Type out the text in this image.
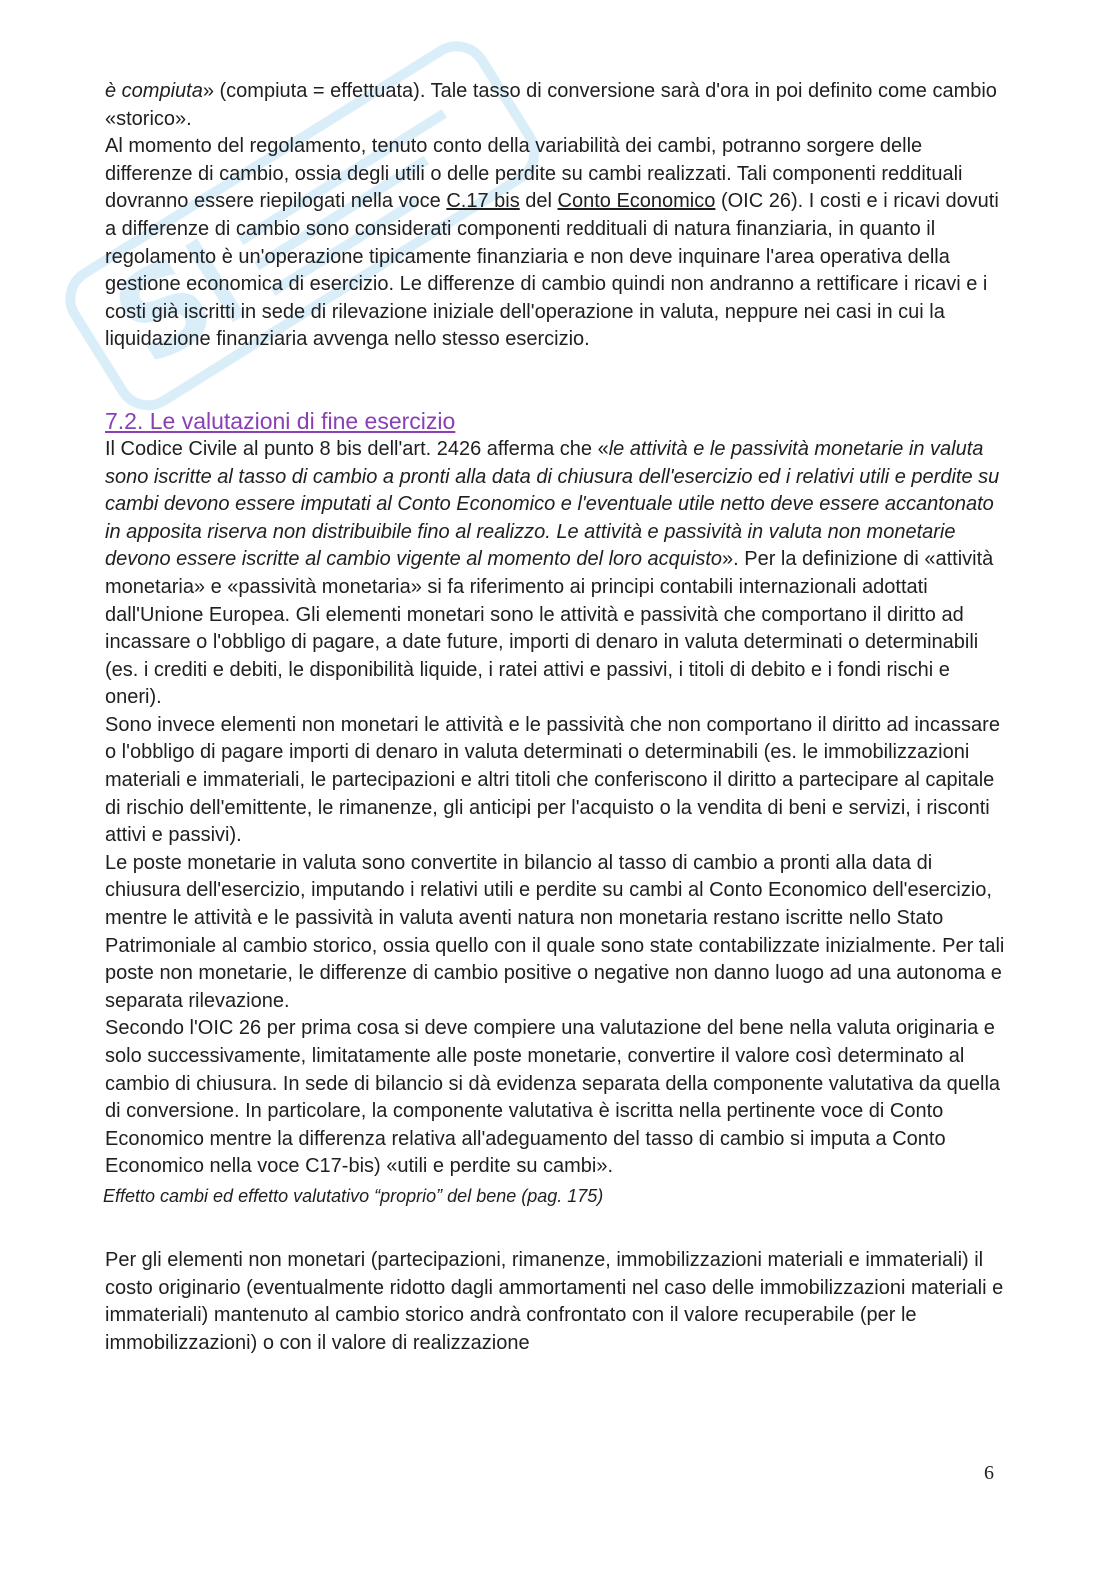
S

è compiuta» (compiuta = effettuata). Tale tasso di conversione sarà d'ora in poi definito come cambio «storico».

Al momento del regolamento, tenuto conto della variabilità dei cambi, potranno sorgere delle differenze di cambio, ossia degli utili o delle perdite su cambi realizzati. Tali componenti reddituali dovranno essere riepilogati nella voce C.17 bis del Conto Economico (OIC 26). I costi e i ricavi dovuti a differenze di cambio sono considerati componenti reddituali di natura finanziaria, in quanto il regolamento è un'operazione tipicamente finanziaria e non deve inquinare l'area operativa della gestione economica di esercizio. Le differenze di cambio quindi non andranno a rettificare i ricavi e i costi già iscritti in sede di rilevazione iniziale dell'operazione in valuta, neppure nei casi in cui la liquidazione finanziaria avvenga nello stesso esercizio.

7.2. Le valutazioni di fine esercizio

Il Codice Civile al punto 8 bis dell'art. 2426 afferma che «le attività e le passività monetarie in valuta sono iscritte al tasso di cambio a pronti alla data di chiusura dell'esercizio ed i relativi utili e perdite su cambi devono essere imputati al Conto Economico e l'eventuale utile netto deve essere accantonato in apposita riserva non distribuibile fino al realizzo. Le attività e passività in valuta non monetarie devono essere iscritte al cambio vigente al momento del loro acquisto». Per la definizione di «attività monetaria» e «passività monetaria» si fa riferimento ai principi contabili internazionali adottati dall'Unione Europea. Gli elementi monetari sono le attività e passività che comportano il diritto ad incassare o l'obbligo di pagare, a date future, importi di denaro in valuta determinati o determinabili (es. i crediti e debiti, le disponibilità liquide, i ratei attivi e passivi, i titoli di debito e i fondi rischi e oneri).

Sono invece elementi non monetari le attività e le passività che non comportano il diritto ad incassare o l'obbligo di pagare importi di denaro in valuta determinati o determinabili (es. le immobilizzazioni materiali e immateriali, le partecipazioni e altri titoli che conferiscono il diritto a partecipare al capitale di rischio dell'emittente, le rimanenze, gli anticipi per l'acquisto o la vendita di beni e servizi, i risconti attivi e passivi).

Le poste monetarie in valuta sono convertite in bilancio al tasso di cambio a pronti alla data di chiusura dell'esercizio, imputando i relativi utili e perdite su cambi al Conto Economico dell'esercizio, mentre le attività e le passività in valuta aventi natura non monetaria restano iscritte nello Stato Patrimoniale al cambio storico, ossia quello con il quale sono state contabilizzate inizialmente. Per tali poste non monetarie, le differenze di cambio positive o negative non danno luogo ad una autonoma e separata rilevazione.

Secondo l'OIC 26 per prima cosa si deve compiere una valutazione del bene nella valuta originaria e solo successivamente, limitatamente alle poste monetarie, convertire il valore così determinato al cambio di chiusura. In sede di bilancio si dà evidenza separata della componente valutativa da quella di conversione. In particolare, la componente valutativa è iscritta nella pertinente voce di Conto Economico mentre la differenza relativa all'adeguamento del tasso di cambio si imputa a Conto Economico nella voce C17-bis) «utili e perdite su cambi».

Effetto cambi ed effetto valutativo “proprio” del bene (pag. 175)

Per gli elementi non monetari (partecipazioni, rimanenze, immobilizzazioni materiali e immateriali) il costo originario (eventualmente ridotto dagli ammortamenti nel caso delle immobilizzazioni materiali e immateriali) mantenuto al cambio storico andrà confrontato con il valore recuperabile (per le immobilizzazioni) o con il valore di realizzazione

6
